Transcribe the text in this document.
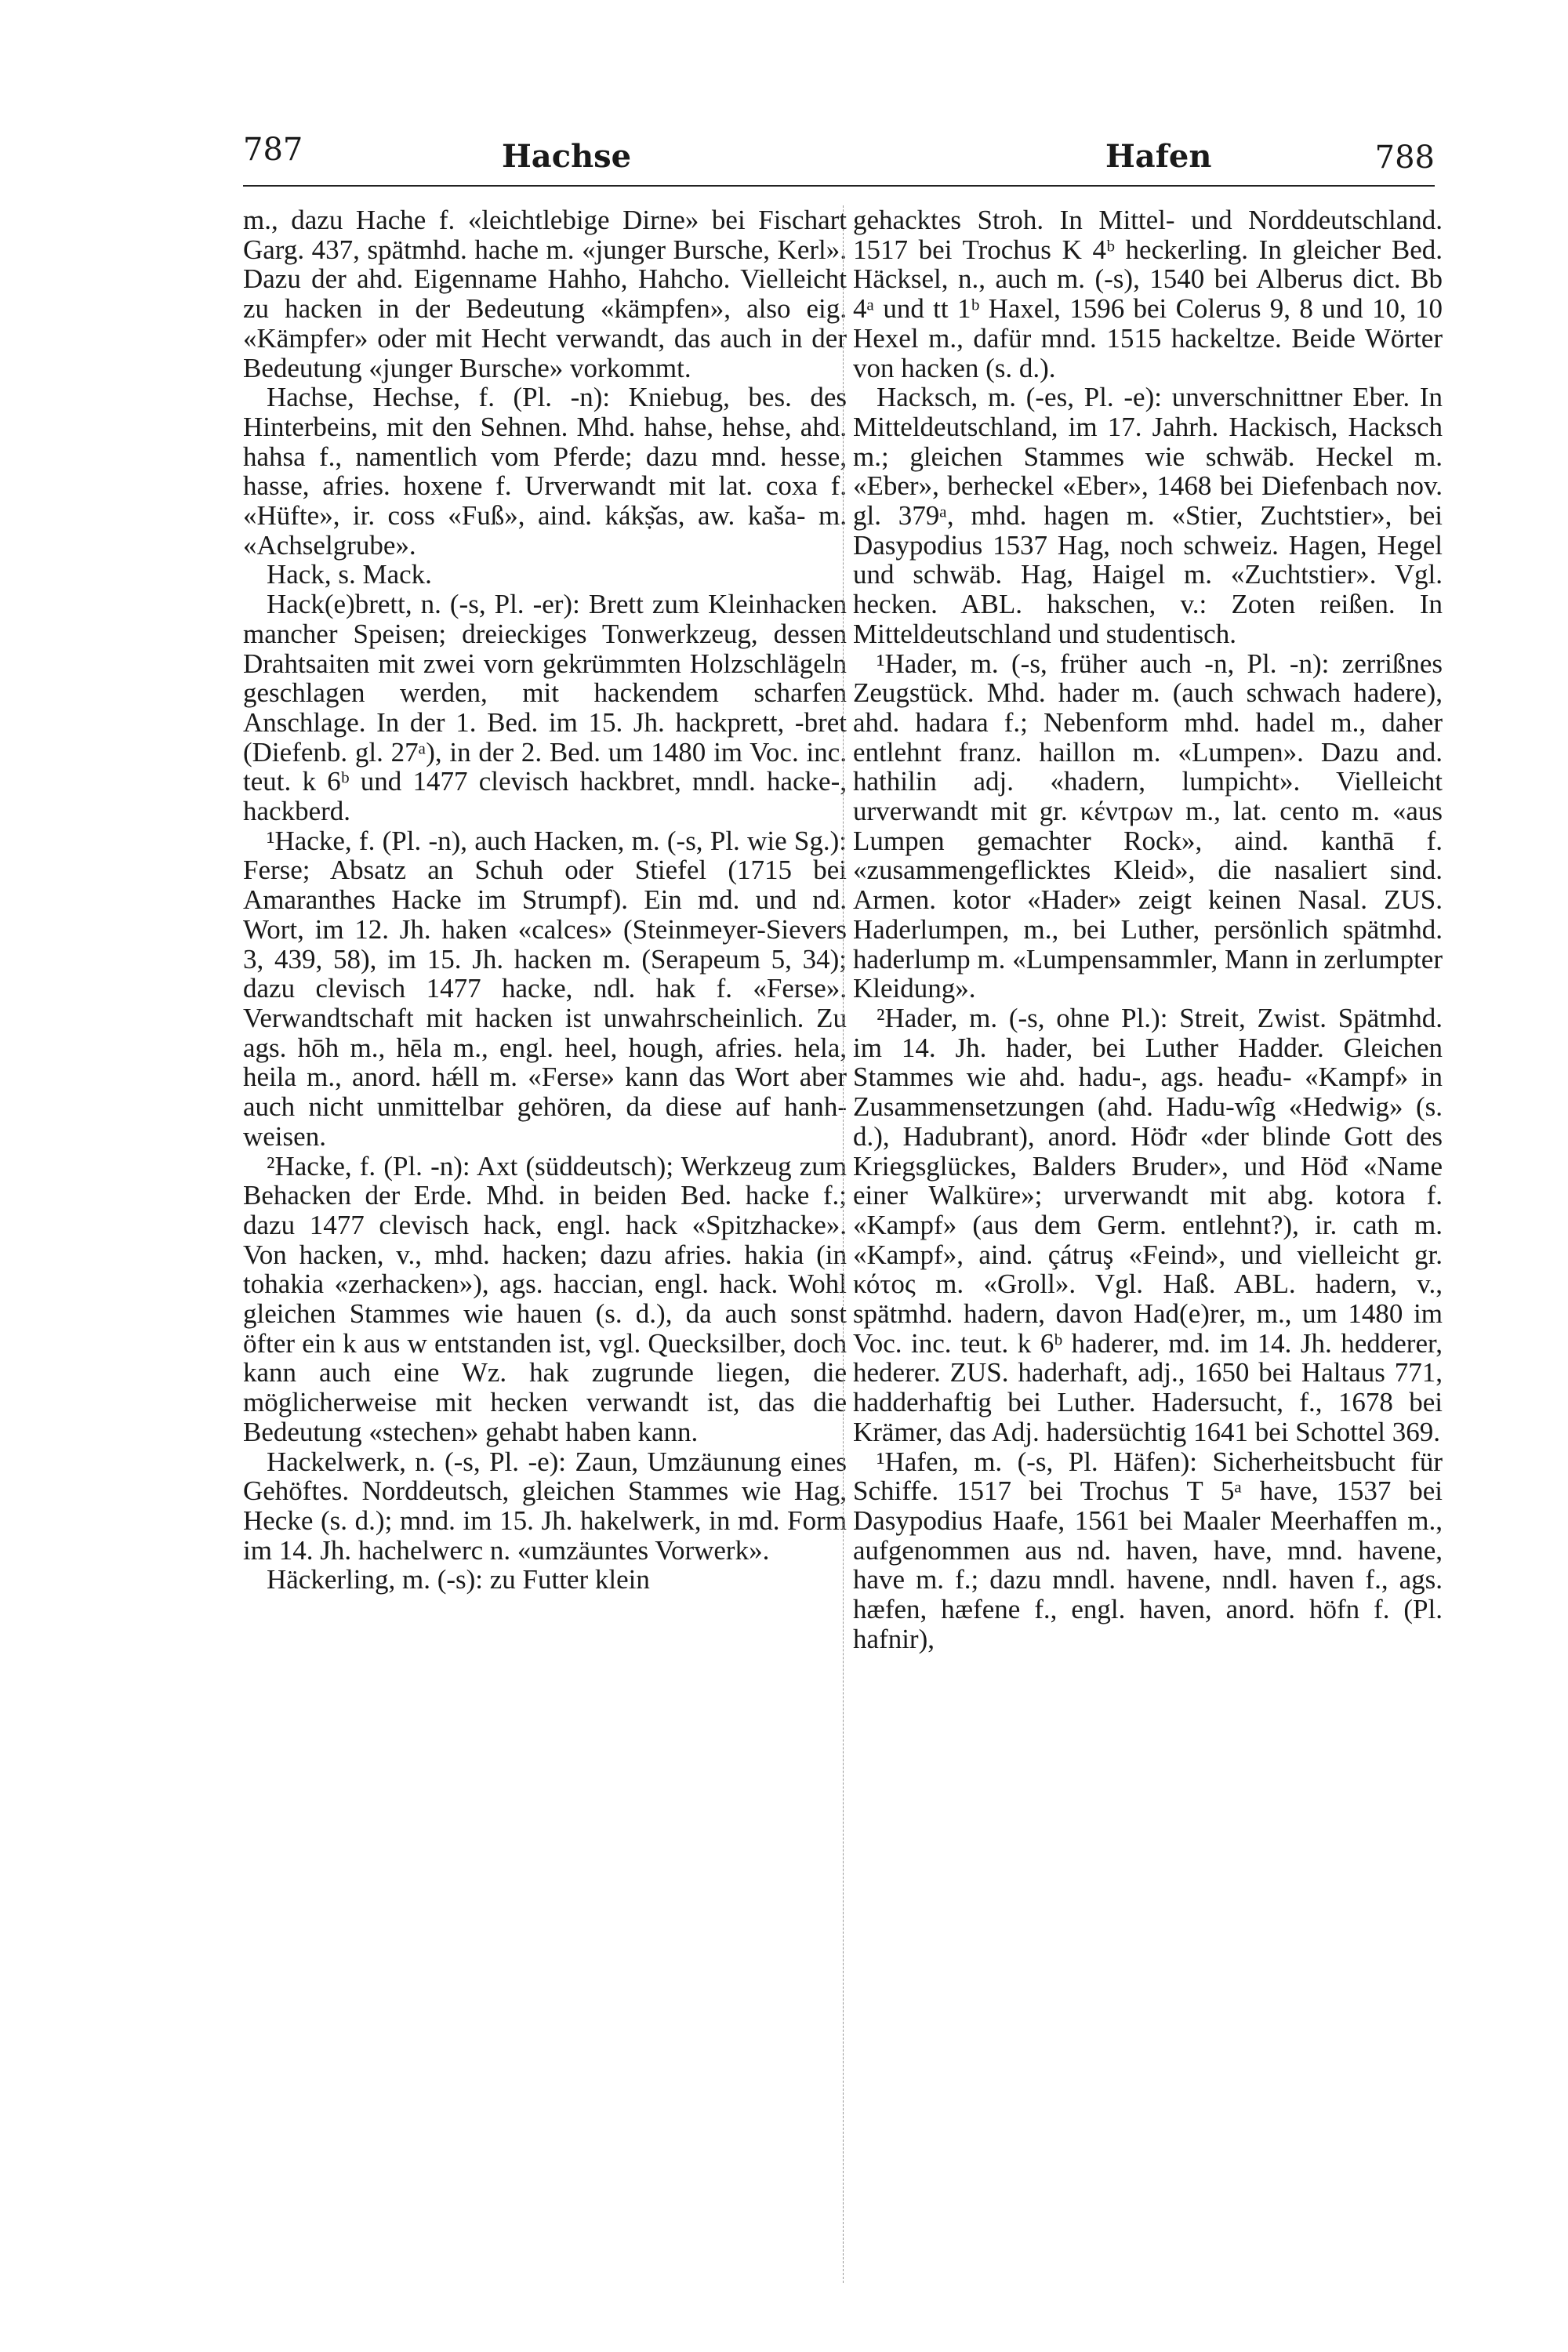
787	Hachse	Hafen	788

m., dazu Hache f. «leichtlebige Dirne» bei Fischart Garg. 437, spätmhd. hache m. «junger Bursche, Kerl». Dazu der ahd. Eigenname Hahho, Hahcho. Vielleicht zu hacken in der Bedeutung «kämpfen», also eig. «Kämpfer» oder mit Hecht verwandt, das auch in der Bedeutung «junger Bursche» vorkommt.

Hachse, Hechse, f. (Pl. -n): Kniebug, bes. des Hinterbeins, mit den Sehnen. Mhd. hahse, hehse, ahd. hahsa f., namentlich vom Pferde; dazu mnd. hesse, hasse, afries. hoxene f. Urverwandt mit lat. coxa f. «Hüfte», ir. coss «Fuß», aind. kákṣ̌as, aw. kaša- m. «Achselgrube».

Hack, s. Mack.

Hack(e)brett, n. (-s, Pl. -er): Brett zum Kleinhacken mancher Speisen; dreieckiges Tonwerkzeug, dessen Drahtsaiten mit zwei vorn gekrümmten Holzschlägeln geschlagen werden, mit hackendem scharfen Anschlage. In der 1. Bed. im 15. Jh. hackprett, -bret (Diefenb. gl. 27ᵃ), in der 2. Bed. um 1480 im Voc. inc. teut. k 6ᵇ und 1477 clevisch hackbret, mndl. hacke-, hackberd.

¹Hacke, f. (Pl. -n), auch Hacken, m. (-s, Pl. wie Sg.): Ferse; Absatz an Schuh oder Stiefel (1715 bei Amaranthes Hacke im Strumpf). Ein md. und nd. Wort, im 12. Jh. haken «calces» (Steinmeyer-Sievers 3, 439, 58), im 15. Jh. hacken m. (Serapeum 5, 34); dazu clevisch 1477 hacke, ndl. hak f. «Ferse». Verwandtschaft mit hacken ist unwahrscheinlich. Zu ags. hōh m., hēla m., engl. heel, hough, afries. hela, heila m., anord. hǽll m. «Ferse» kann das Wort aber auch nicht unmittelbar gehören, da diese auf hanh- weisen.

²Hacke, f. (Pl. -n): Axt (süddeutsch); Werkzeug zum Behacken der Erde. Mhd. in beiden Bed. hacke f.; dazu 1477 clevisch hack, engl. hack «Spitzhacke». Von hacken, v., mhd. hacken; dazu afries. hakia (in tohakia «zerhacken»), ags. haccian, engl. hack. Wohl gleichen Stammes wie hauen (s. d.), da auch sonst öfter ein k aus w entstanden ist, vgl. Quecksilber, doch kann auch eine Wz. hak zugrunde liegen, die möglicherweise mit hecken verwandt ist, das die Bedeutung «stechen» gehabt haben kann.

Hackelwerk, n. (-s, Pl. -e): Zaun, Umzäunung eines Gehöftes. Norddeutsch, gleichen Stammes wie Hag, Hecke (s. d.); mnd. im 15. Jh. hakelwerk, in md. Form im 14. Jh. hachelwerc n. «umzäuntes Vorwerk».

Häckerling, m. (-s): zu Futter klein

gehacktes Stroh. In Mittel- und Norddeutschland. 1517 bei Trochus K 4ᵇ heckerling. In gleicher Bed. Häcksel, n., auch m. (-s), 1540 bei Alberus dict. Bb 4ᵃ und tt 1ᵇ Haxel, 1596 bei Colerus 9, 8 und 10, 10 Hexel m., dafür mnd. 1515 hackeltze. Beide Wörter von hacken (s. d.).

Hacksch, m. (-es, Pl. -e): unverschnittner Eber. In Mitteldeutschland, im 17. Jahrh. Hackisch, Hacksch m.; gleichen Stammes wie schwäb. Heckel m. «Eber», berheckel «Eber», 1468 bei Diefenbach nov. gl. 379ᵃ, mhd. hagen m. «Stier, Zuchtstier», bei Dasypodius 1537 Hag, noch schweiz. Hagen, Hegel und schwäb. Hag, Haigel m. «Zuchtstier». Vgl. hecken. ABL. hakschen, v.: Zoten reißen. In Mitteldeutschland und studentisch.

¹Hader, m. (-s, früher auch -n, Pl. -n): zerrißnes Zeugstück. Mhd. hader m. (auch schwach hadere), ahd. hadara f.; Nebenform mhd. hadel m., daher entlehnt franz. haillon m. «Lumpen». Dazu and. hathilin adj. «hadern, lumpicht». Vielleicht urverwandt mit gr. κέντρων m., lat. cento m. «aus Lumpen gemachter Rock», aind. kanthā f. «zusammengeflicktes Kleid», die nasaliert sind. Armen. kotor «Hader» zeigt keinen Nasal. ZUS. Haderlumpen, m., bei Luther, persönlich spätmhd. haderlump m. «Lumpensammler, Mann in zerlumpter Kleidung».

²Hader, m. (-s, ohne Pl.): Streit, Zwist. Spätmhd. im 14. Jh. hader, bei Luther Hadder. Gleichen Stammes wie ahd. hadu-, ags. heađu- «Kampf» in Zusammensetzungen (ahd. Hadu-wîg «Hedwig» (s. d.), Hadubrant), anord. Höđr «der blinde Gott des Kriegsglückes, Balders Bruder», und Höđ «Name einer Walküre»; urverwandt mit abg. kotora f. «Kampf» (aus dem Germ. entlehnt?), ir. cath m. «Kampf», aind. çátruş «Feind», und vielleicht gr. κότος m. «Groll». Vgl. Haß. ABL. hadern, v., spätmhd. hadern, davon Had(e)rer, m., um 1480 im Voc. inc. teut. k 6ᵇ haderer, md. im 14. Jh. hedderer, hederer. ZUS. haderhaft, adj., 1650 bei Haltaus 771, hadderhaftig bei Luther. Hadersucht, f., 1678 bei Krämer, das Adj. hadersüchtig 1641 bei Schottel 369.

¹Hafen, m. (-s, Pl. Häfen): Sicherheitsbucht für Schiffe. 1517 bei Trochus T 5ᵃ have, 1537 bei Dasypodius Haafe, 1561 bei Maaler Meerhaffen m., aufgenommen aus nd. haven, have, mnd. havene, have m. f.; dazu mndl. havene, nndl. haven f., ags. hæfen, hæfene f., engl. haven, anord. höfn f. (Pl. hafnir),
